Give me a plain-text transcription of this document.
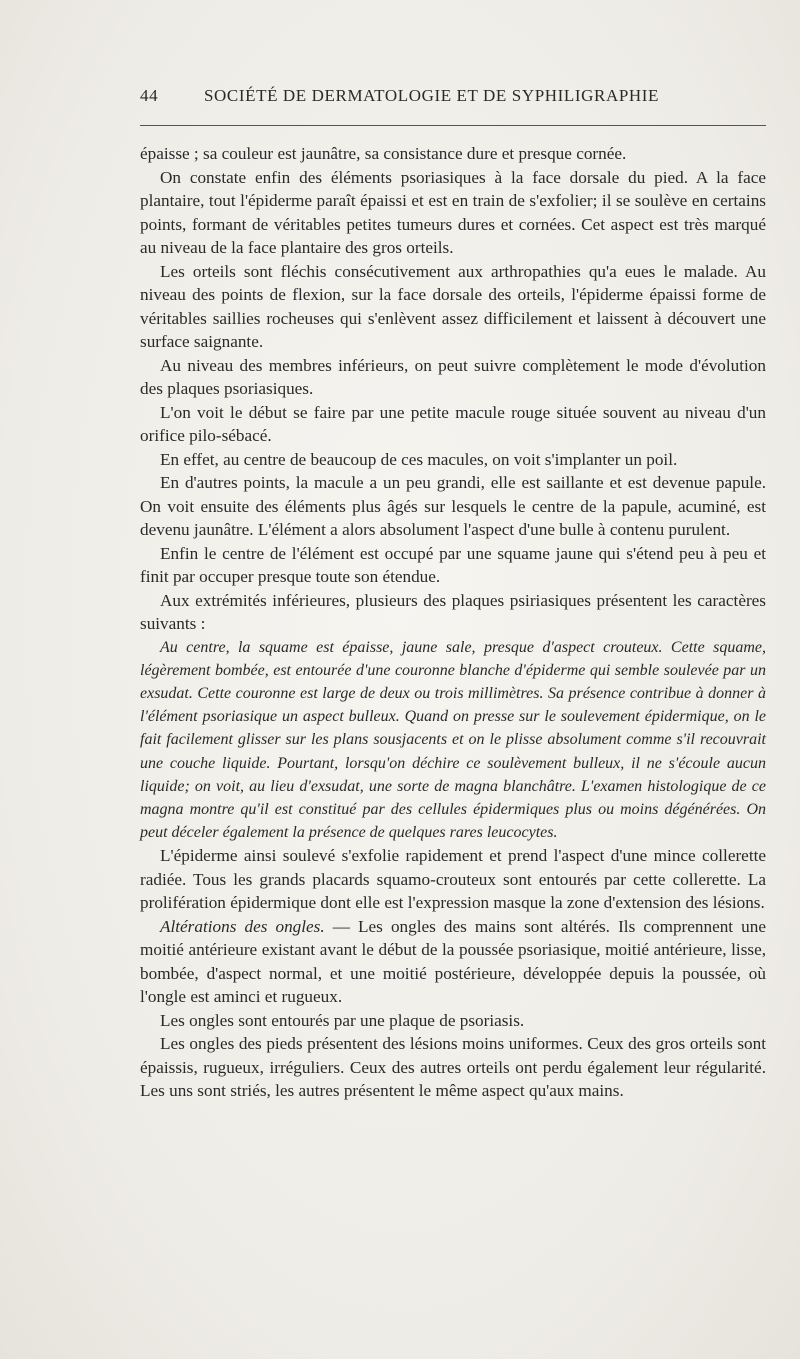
44	SOCIÉTÉ DE DERMATOLOGIE ET DE SYPHILIGRAPHIE

épaisse ; sa couleur est jaunâtre, sa consistance dure et presque cornée.

On constate enfin des éléments psoriasiques à la face dorsale du pied. A la face plantaire, tout l'épiderme paraît épaissi et est en train de s'exfolier; il se soulève en certains points, formant de véritables petites tumeurs dures et cornées. Cet aspect est très marqué au niveau de la face plantaire des gros orteils.

Les orteils sont fléchis consécutivement aux arthropathies qu'a eues le malade. Au niveau des points de flexion, sur la face dorsale des orteils, l'épiderme épaissi forme de véritables saillies rocheuses qui s'enlèvent assez difficilement et laissent à découvert une surface saignante.

Au niveau des membres inférieurs, on peut suivre complètement le mode d'évolution des plaques psoriasiques.

L'on voit le début se faire par une petite macule rouge située souvent au niveau d'un orifice pilo-sébacé.

En effet, au centre de beaucoup de ces macules, on voit s'implanter un poil.

En d'autres points, la macule a un peu grandi, elle est saillante et est devenue papule. On voit ensuite des éléments plus âgés sur lesquels le centre de la papule, acuminé, est devenu jaunâtre. L'élément a alors absolument l'aspect d'une bulle à contenu purulent.

Enfin le centre de l'élément est occupé par une squame jaune qui s'étend peu à peu et finit par occuper presque toute son étendue.

Aux extrémités inférieures, plusieurs des plaques psiriasiques présentent les caractères suivants :

Au centre, la squame est épaisse, jaune sale, presque d'aspect crouteux. Cette squame, légèrement bombée, est entourée d'une couronne blanche d'épiderme qui semble soulevée par un exsudat. Cette couronne est large de deux ou trois millimètres. Sa présence contribue à donner à l'élément psoriasique un aspect bulleux. Quand on presse sur le soulevement épidermique, on le fait facilement glisser sur les plans sousjacents et on le plisse absolument comme s'il recouvrait une couche liquide. Pourtant, lorsqu'on déchire ce soulèvement bulleux, il ne s'écoule aucun liquide; on voit, au lieu d'exsudat, une sorte de magna blanchâtre. L'examen histologique de ce magna montre qu'il est constitué par des cellules épidermiques plus ou moins dégénérées. On peut déceler également la présence de quelques rares leucocytes.

L'épiderme ainsi soulevé s'exfolie rapidement et prend l'aspect d'une mince collerette radiée. Tous les grands placards squamo-crouteux sont entourés par cette collerette. La prolifération épidermique dont elle est l'expression masque la zone d'extension des lésions.

Altérations des ongles. — Les ongles des mains sont altérés. Ils comprennent une moitié antérieure existant avant le début de la poussée psoriasique, moitié antérieure, lisse, bombée, d'aspect normal, et une moitié postérieure, développée depuis la poussée, où l'ongle est aminci et rugueux.

Les ongles sont entourés par une plaque de psoriasis.

Les ongles des pieds présentent des lésions moins uniformes. Ceux des gros orteils sont épaissis, rugueux, irréguliers. Ceux des autres orteils ont perdu également leur régularité. Les uns sont striés, les autres présentent le même aspect qu'aux mains.
